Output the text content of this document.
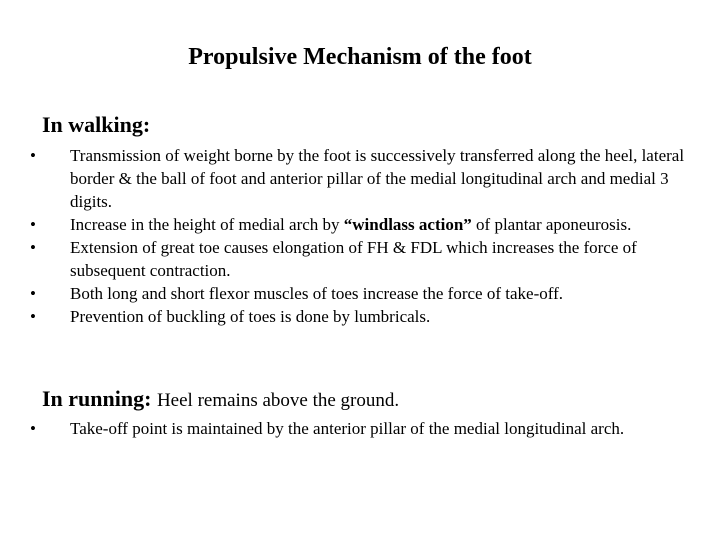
Propulsive Mechanism of the foot
In walking:
• Transmission of weight borne by the foot is successively transferred along the heel, lateral border & the ball of foot and anterior pillar of the medial longitudinal arch and medial 3 digits.
• Increase in the height of medial arch by “windlass action” of plantar aponeurosis.
• Extension of great toe causes elongation of FH & FDL which increases the force of subsequent contraction.
• Both long and short flexor muscles of toes increase the force of take-off.
• Prevention of buckling of toes is done by lumbricals.
In running: Heel remains above the ground.
• Take-off point is maintained by the anterior pillar of the medial longitudinal arch.
